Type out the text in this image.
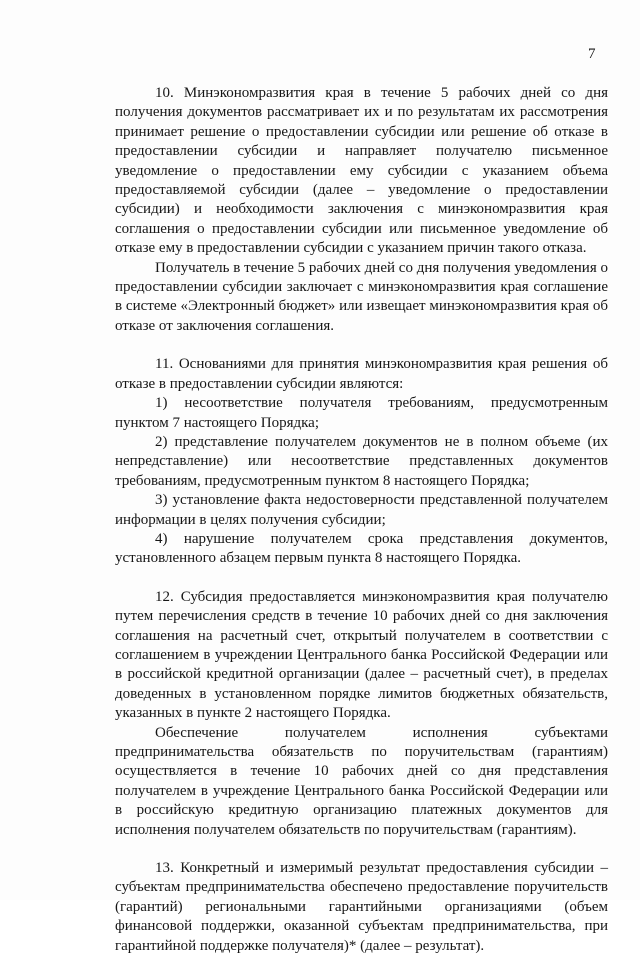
7

10. Минэкономразвития края в течение 5 рабочих дней со дня получения документов рассматривает их и по результатам их рассмотрения принимает решение о предоставлении субсидии или решение об отказе в предоставлении субсидии и направляет получателю письменное уведомление о предоставлении ему субсидии с указанием объема предоставляемой субсидии (далее – уведомление о предоставлении субсидии) и необходимости заключения с минэкономразвития края соглашения о предоставлении субсидии или письменное уведомление об отказе ему в предоставлении субсидии с указанием причин такого отказа.

Получатель в течение 5 рабочих дней со дня получения уведомления о предоставлении субсидии заключает с минэкономразвития края соглашение в системе «Электронный бюджет» или извещает минэкономразвития края об отказе от заключения соглашения.

11. Основаниями для принятия минэкономразвития края решения об отказе в предоставлении субсидии являются:

1) несоответствие получателя требованиям, предусмотренным пунктом 7 настоящего Порядка;

2) представление получателем документов не в полном объеме (их непредставление) или несоответствие представленных документов требованиям, предусмотренным пунктом 8 настоящего Порядка;

3) установление факта недостоверности представленной получателем информации в целях получения субсидии;

4) нарушение получателем срока представления документов, установленного абзацем первым пункта 8 настоящего Порядка.

12. Субсидия предоставляется минэкономразвития края получателю путем перечисления средств в течение 10 рабочих дней со дня заключения соглашения на расчетный счет, открытый получателем в соответствии с соглашением в учреждении Центрального банка Российской Федерации или в российской кредитной организации (далее – расчетный счет), в пределах доведенных в установленном порядке лимитов бюджетных обязательств, указанных в пункте 2 настоящего Порядка.

Обеспечение получателем исполнения субъектами предпринимательства обязательств по поручительствам (гарантиям) осуществляется в течение 10 рабочих дней со дня представления получателем в учреждение Центрального банка Российской Федерации или в российскую кредитную организацию платежных документов для исполнения получателем обязательств по поручительствам (гарантиям).

13. Конкретный и измеримый результат предоставления субсидии – субъектам предпринимательства обеспечено предоставление поручительств (гарантий) региональными гарантийными организациями (объем финансовой поддержки, оказанной субъектам предпринимательства, при гарантийной поддержке получателя)* (далее – результат).
